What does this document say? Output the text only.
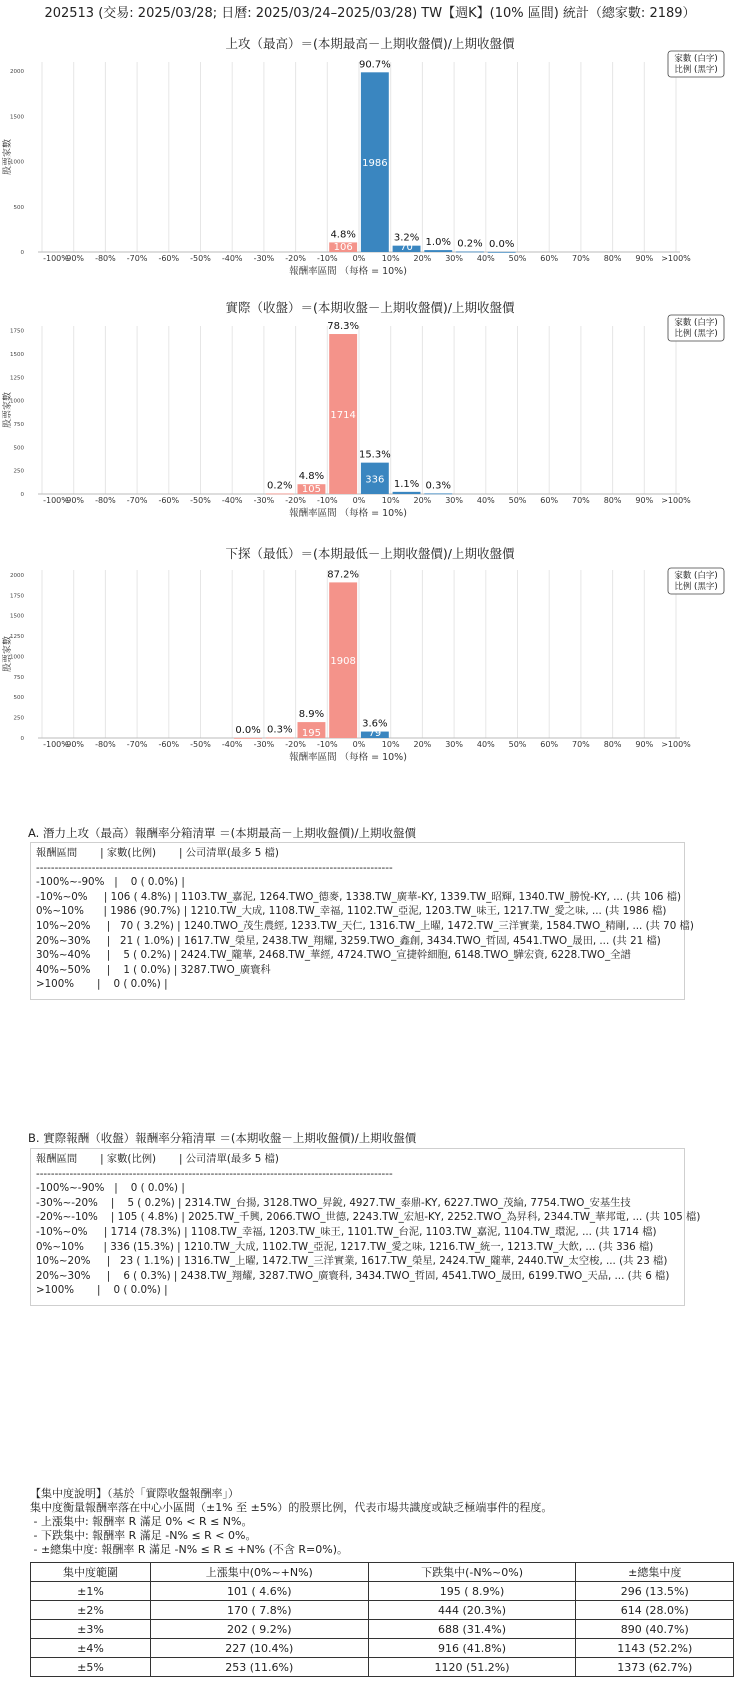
202513 (交易: 2025/03/28; 日曆: 2025/03/24–2025/03/28) TW【週K】(10% 區間) 統計（總家數: 2189）
上攻（最高）＝(本期最高－上期收盤價)/上期收盤價
0
500
1000
1500
2000
-100%
-90% -80% -70% -60% -50% -40% -30% -20% -10% 0% 10% 20% 30% 40% 50% 60% 70% 80% 90% >100%
報酬率區間 （每格 = 10%)
股票家數
4.8%
106
90.7%
1986
3.2%
70 1.0% 0.2% 0.0%
家數 (白字)
比例 (黑字)
實際（收盤）＝(本期收盤－上期收盤價)/上期收盤價
0
250
500
750
1000
1250
1500
1750
-100%
-90% -80% -70% -60% -50% -40% -30% -20% -10% 0% 10% 20% 30% 40% 50% 60% 70% 80% 90% >100%
報酬率區間 （每格 = 10%)
股票家數
0.2%
4.8%
105
78.3%
1714
15.3%
336 1.1% 0.3%
家數 (白字)
比例 (黑字)
下探（最低）＝(本期最低－上期收盤價)/上期收盤價
0
250
500
750
1000
1250
1500
1750
2000
-100%
-90% -80% -70% -60% -50% -40% -30% -20% -10% 0% 10% 20% 30% 40% 50% 60% 70% 80% 90% >100%
報酬率區間 （每格 = 10%)
股票家數
0.0% 0.3%
8.9%
195
87.2%
1908
3.6%
79
家數 (白字)
比例 (黑字)
A. 潛力上攻（最高）報酬率分箱清單 ＝(本期最高－上期收盤價)/上期收盤價
報酬區間       | 家數(比例)       | 公司清單(最多 5 檔)
------------------------------------------------------------------------------------------------
-100%~-90%   |    0 ( 0.0%) |
-10%~0%     | 106 ( 4.8%) | 1103.TW_嘉泥, 1264.TWO_德麥, 1338.TW_廣華-KY, 1339.TW_昭輝, 1340.TW_勝悅-KY, ... (共 106 檔)
0%~10%      | 1986 (90.7%) | 1210.TW_大成, 1108.TW_幸福, 1102.TW_亞泥, 1203.TW_味王, 1217.TW_愛之味, ... (共 1986 檔)
10%~20%     |   70 ( 3.2%) | 1240.TWO_茂生農經, 1233.TW_天仁, 1316.TW_上曜, 1472.TW_三洋實業, 1584.TWO_精剛, ... (共 70 檔)
20%~30%     |   21 ( 1.0%) | 1617.TW_榮星, 2438.TW_翔耀, 3259.TWO_鑫創, 3434.TWO_哲固, 4541.TWO_晟田, ... (共 21 檔)
30%~40%     |    5 ( 0.2%) | 2424.TW_隴華, 2468.TW_華經, 4724.TWO_宣捷幹細胞, 6148.TWO_驊宏資, 6228.TWO_全譜
40%~50%     |    1 ( 0.0%) | 3287.TWO_廣寰科
>100%       |    0 ( 0.0%) |
B. 實際報酬（收盤）報酬率分箱清單 ＝(本期收盤－上期收盤價)/上期收盤價
報酬區間       | 家數(比例)       | 公司清單(最多 5 檔)
------------------------------------------------------------------------------------------------
-100%~-90%   |    0 ( 0.0%) |
-30%~-20%    |    5 ( 0.2%) | 2314.TW_台揚, 3128.TWO_昇銳, 4927.TW_泰鼎-KY, 6227.TWO_茂綸, 7754.TWO_安基生技
-20%~-10%    | 105 ( 4.8%) | 2025.TW_千興, 2066.TWO_世德, 2243.TW_宏旭-KY, 2252.TWO_為昇科, 2344.TW_華邦電, ... (共 105 檔)
-10%~0%     | 1714 (78.3%) | 1108.TW_幸福, 1203.TW_味王, 1101.TW_台泥, 1103.TW_嘉泥, 1104.TW_環泥, ... (共 1714 檔)
0%~10%      | 336 (15.3%) | 1210.TW_大成, 1102.TW_亞泥, 1217.TW_愛之味, 1216.TW_統一, 1213.TW_大飲, ... (共 336 檔)
10%~20%     |   23 ( 1.1%) | 1316.TW_上曜, 1472.TW_三洋實業, 1617.TW_榮星, 2424.TW_隴華, 2440.TW_太空梭, ... (共 23 檔)
20%~30%     |    6 ( 0.3%) | 2438.TW_翔耀, 3287.TWO_廣寰科, 3434.TWO_哲固, 4541.TWO_晟田, 6199.TWO_天品, ... (共 6 檔)
>100%       |    0 ( 0.0%) |
【集中度說明】（基於「實際收盤報酬率」）
集中度衡量報酬率落在中心小區間（±1% 至 ±5%）的股票比例，代表市場共識度或缺乏極端事件的程度。
- 上漲集中: 報酬率 R 滿足 0% < R ≤ N%。
- 下跌集中: 報酬率 R 滿足 -N% ≤ R < 0%。
- ±總集中度: 報酬率 R 滿足 -N% ≤ R ≤ +N% (不含 R=0%)。
集中度範圍	上漲集中(0%~+N%)	下跌集中(-N%~0%)	±總集中度
±1%	101 ( 4.6%)	195 ( 8.9%)	296 (13.5%)
±2%	170 ( 7.8%)	444 (20.3%)	614 (28.0%)
±3%	202 ( 9.2%)	688 (31.4%)	890 (40.7%)
±4%	227 (10.4%)	916 (41.8%)	1143 (52.2%)
±5%	253 (11.6%)	1120 (51.2%)	1373 (62.7%)
